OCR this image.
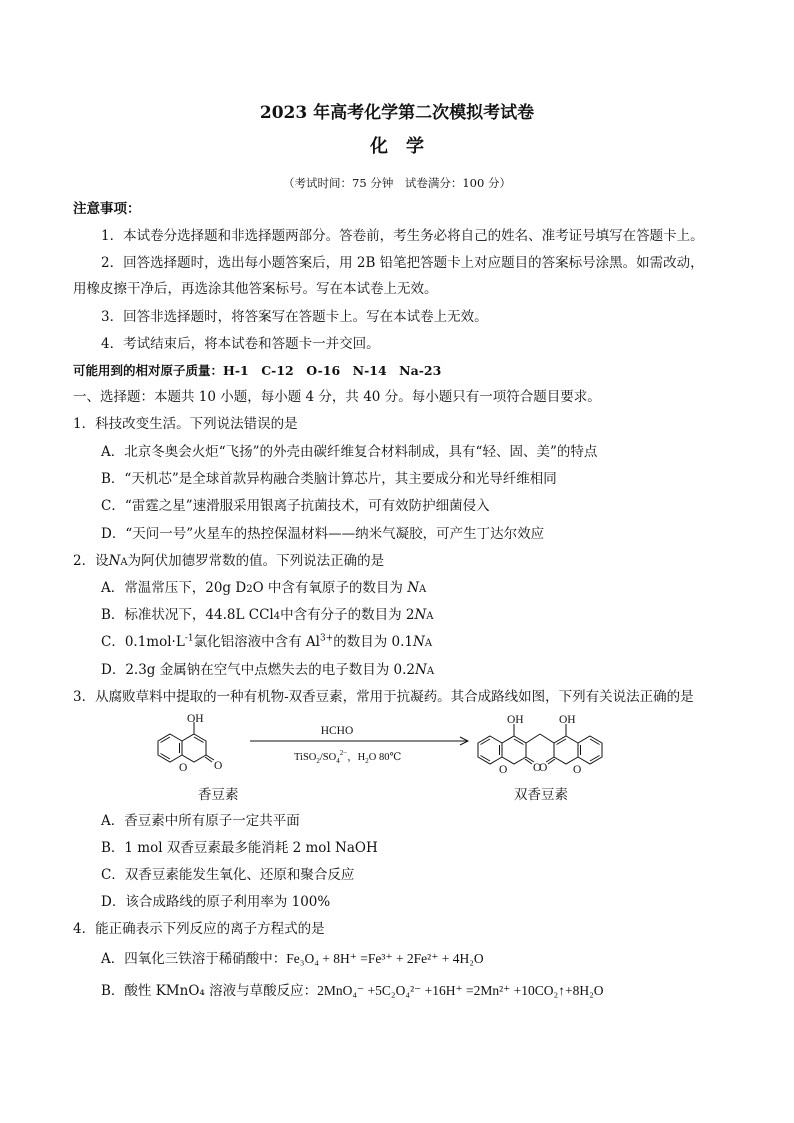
2023 年高考化学第二次模拟考试卷
化　学
（考试时间：75 分钟　试卷满分：100 分）
注意事项：
1．本试卷分选择题和非选择题两部分。答卷前，考生务必将自己的姓名、准考证号填写在答题卡上。
2．回答选择题时，选出每小题答案后，用 2B 铅笔把答题卡上对应题目的答案标号涂黑。如需改动，
用橡皮擦干净后，再选涂其他答案标号。写在本试卷上无效。
3．回答非选择题时，将答案写在答题卡上。写在本试卷上无效。
4．考试结束后，将本试卷和答题卡一并交回。
可能用到的相对原子质量：H-1　C-12　O-16　N-14　Na-23
一、选择题：本题共 10 小题，每小题 4 分，共 40 分。每小题只有一项符合题目要求。
1．科技改变生活。下列说法错误的是
A．北京冬奥会火炬“飞扬”的外壳由碳纤维复合材料制成，具有“轻、固、美”的特点
B．“天机芯”是全球首款异构融合类脑计算芯片，其主要成分和光导纤维相同
C．“雷霆之星”速滑服采用银离子抗菌技术，可有效防护细菌侵入
D．“天问一号”火星车的热控保温材料——纳米气凝胶，可产生丁达尔效应
2．设NA为阿伏加德罗常数的值。下列说法正确的是
A．常温常压下，20g D2O 中含有氧原子的数目为 NA
B．标准状况下，44.8L CCl4中含有分子的数目为 2NA
C．$0.1mol\cdot L^{-1}$氯化铝溶液中含有 $Al^{3+}$的数目为 0.1NA
D．2.3g 金属钠在空气中点燃失去的电子数目为 0.2NA
3．从腐败草料中提取的一种有机物-双香豆素，常用于抗凝药。其合成路线如图，下列有关说法正确的是
OH
O O
HCHO
$TiSO_2/SO_4^{2-}$，$H_2O$ 80℃
OH	OH
O O
O O
香豆素	双香豆素
A．香豆素中所有原子一定共平面
B．1 mol 双香豆素最多能消耗 2 mol NaOH
C．双香豆素能发生氧化、还原和聚合反应
D．该合成路线的原子利用率为 100%
4．能正确表示下列反应的离子方程式的是
A．四氧化三铁溶于稀硝酸中：Fe₃O₄ + 8H⁺ =Fe³⁺ + 2Fe²⁺ + 4H₂O
B．酸性 KMnO₄ 溶液与草酸反应：2MnO₄⁻ +5C₂O₄²⁻ +16H⁺ =2Mn²⁺ +10CO₂↑+8H₂O
